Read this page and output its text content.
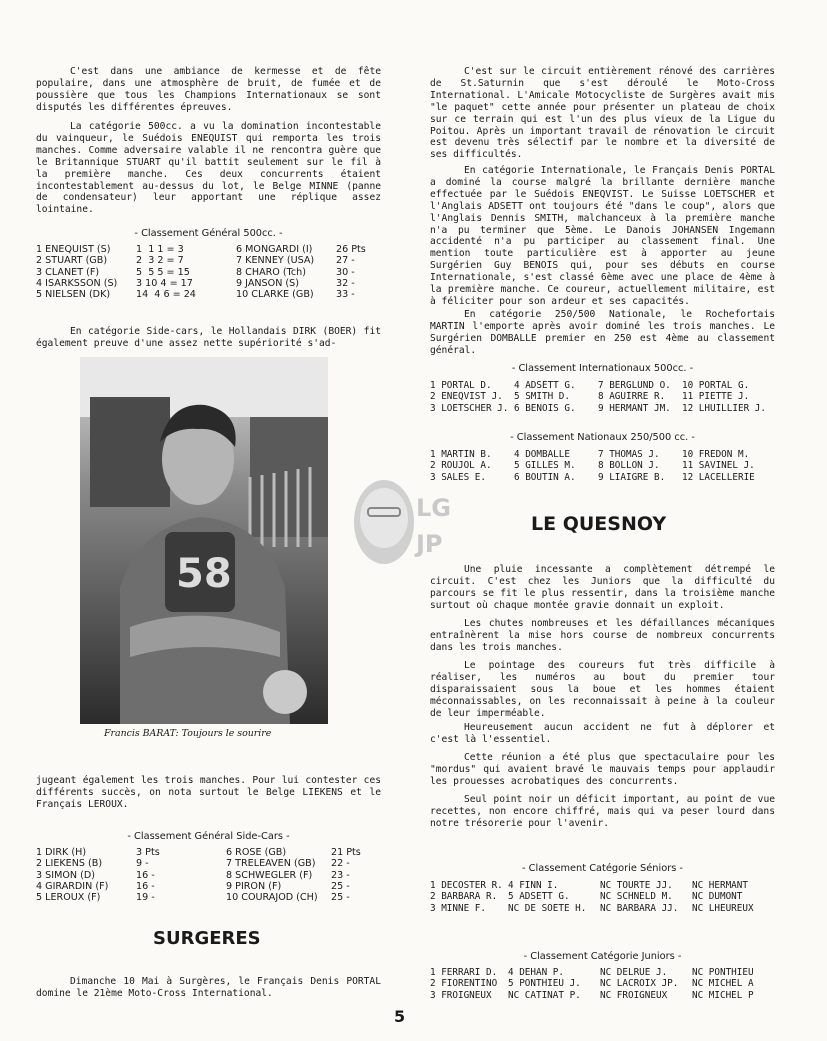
C'est dans une ambiance de kermesse et de fête populaire, dans une atmosphère de bruit, de fumée et de poussière que tous les Champions Internationaux se sont disputés les différentes épreuves.
La catégorie 500cc. a vu la domination incontestable du vainqueur, le Suédois ENEQUIST qui remporta les trois manches. Comme adversaire valable il ne rencontra guère que le Britannique STUART qu'il battit seulement sur le fil à la première manche. Ces deux concurrents étaient incontestablement au-dessus du lot, le Belge MINNE (panne de condensateur) leur apportant une réplique assez lointaine.
- Classement Général 500cc. -
1 ENEQUIST (S)	1  1 1 = 3	6 MONGARDI (I)	26 Pts
2 STUART (GB)	2  3 2 = 7	7 KENNEY (USA)	27 -
3 CLANET (F)	5  5 5 = 15	8 CHARO (Tch)	30 -
4 ISARKSSON (S)	3 10 4 = 17	9 JANSON (S)	32 -
5 NIELSEN (DK)	14  4 6 = 24	10 CLARKE (GB)	33 -
En catégorie Side-cars, le Hollandais DIRK (BOER) fit également preuve d'une assez nette supériorité s'ad-
58
Francis BARAT: Toujours le sourire
jugeant également les trois manches. Pour lui contester ces différents succès, on nota surtout le Belge LIEKENS et le Français LEROUX.
- Classement Général Side-Cars -
1 DIRK (H)	3 Pts	6 ROSE (GB)	21 Pts
2 LIEKENS (B)	9 -	7 TRELEAVEN (GB)	22 -
3 SIMON (D)	16 -	8 SCHWEGLER (F)	23 -
4 GIRARDIN (F)	16 -	9 PIRON (F)	25 -
5 LEROUX (F)	19 -	10 COURAJOD (CH)	25 -
SURGERES
Dimanche 10 Mai à Surgères, le Français Denis PORTAL domine le 21ème Moto-Cross International.
C'est sur le circuit entièrement rénové des carrières de St.Saturnin que s'est déroulé le Moto-Cross International. L'Amicale Motocycliste de Surgères avait mis "le paquet" cette année pour présenter un plateau de choix sur ce terrain qui est l'un des plus vieux de la Ligue du Poitou. Après un important travail de rénovation le circuit est devenu très sélectif par le nombre et la diversité de ses difficultés.
En catégorie Internationale, le Français Denis PORTAL a dominé la course malgré la brillante dernière manche effectuée par le Suédois ENEQVIST. Le Suisse LOETSCHER et l'Anglais ADSETT ont toujours été "dans le coup", alors que l'Anglais Dennis SMITH, malchanceux à la première manche n'a pu terminer que 5ème. Le Danois JOHANSEN Ingemann accidenté n'a pu participer au classement final. Une mention toute particulière est à apporter au jeune Surgérien Guy BENOIS qui, pour ses débuts en course Internationale, s'est classé 6ème avec une place de 4ème à la première manche. Ce coureur, actuellement militaire, est à féliciter pour son ardeur et ses capacités.
En catégorie 250/500 Nationale, le Rochefortais MARTIN l'emporte après avoir dominé les trois manches. Le Surgérien DOMBALLE premier en 250 est 4ème au classement général.
- Classement Internationaux 500cc. -
1 PORTAL D.	4 ADSETT G.	7 BERGLUND O.	10 PORTAL G.
2 ENEQVIST J.	5 SMITH D.	8 AGUIRRE R.	11 PIETTE J.
3 LOETSCHER J. 6 BENOIS G.	9 HERMANT JM.	12 LHUILLIER J.
- Classement Nationaux 250/500 cc. -
1 MARTIN B.	4 DOMBALLE	7 THOMAS J.	10 FREDON M.
2 ROUJOL A.	5 GILLES M.	8 BOLLON J.	11 SAVINEL J.
3 SALES E.	6 BOUTIN A.	9 LIAIGRE B.	12 LACELLERIE
LG
JP
LE QUESNOY
Une pluie incessante a complètement détrempé le circuit. C'est chez les Juniors que la difficulté du parcours se fit le plus ressentir, dans la troisième manche surtout où chaque montée gravie donnait un exploit.
Les chutes nombreuses et les défaillances mécaniques entraînèrent la mise hors course de nombreux concurrents dans les trois manches.
Le pointage des coureurs fut très difficile à réaliser, les numéros au bout du premier tour disparaissaient sous la boue et les hommes étaient méconnaissables, on les reconnaissait à peine à la couleur de leur imperméable.
Heureusement aucun accident ne fut à déplorer et c'est là l'essentiel.
Cette réunion a été plus que spectaculaire pour les "mordus" qui avaient bravé le mauvais temps pour applaudir les prouesses acrobatiques des concurrents.
Seul point noir un déficit important, au point de vue recettes, non encore chiffré, mais qui va peser lourd dans notre trésorerie pour l'avenir.
- Classement Catégorie Séniors -
1 DECOSTER R. 4 FINN I.	NC TOURTE JJ.	NC HERMANT
2 BARBARA R.	5 ADSETT G.	NC SCHNELD M.	NC DUMONT
3 MINNE F.	NC DE SOETE H.	NC BARBARA JJ.	NC LHEUREUX
- Classement Catégorie Juniors -
1 FERRARI D.	4 DEHAN P.	NC DELRUE J.	NC PONTHIEU
2 FIORENTINO	5 PONTHIEU J.	NC LACROIX JP.	NC MICHEL A
3 FROIGNEUX	NC CATINAT P.	NC FROIGNEUX	NC MICHEL P
5
